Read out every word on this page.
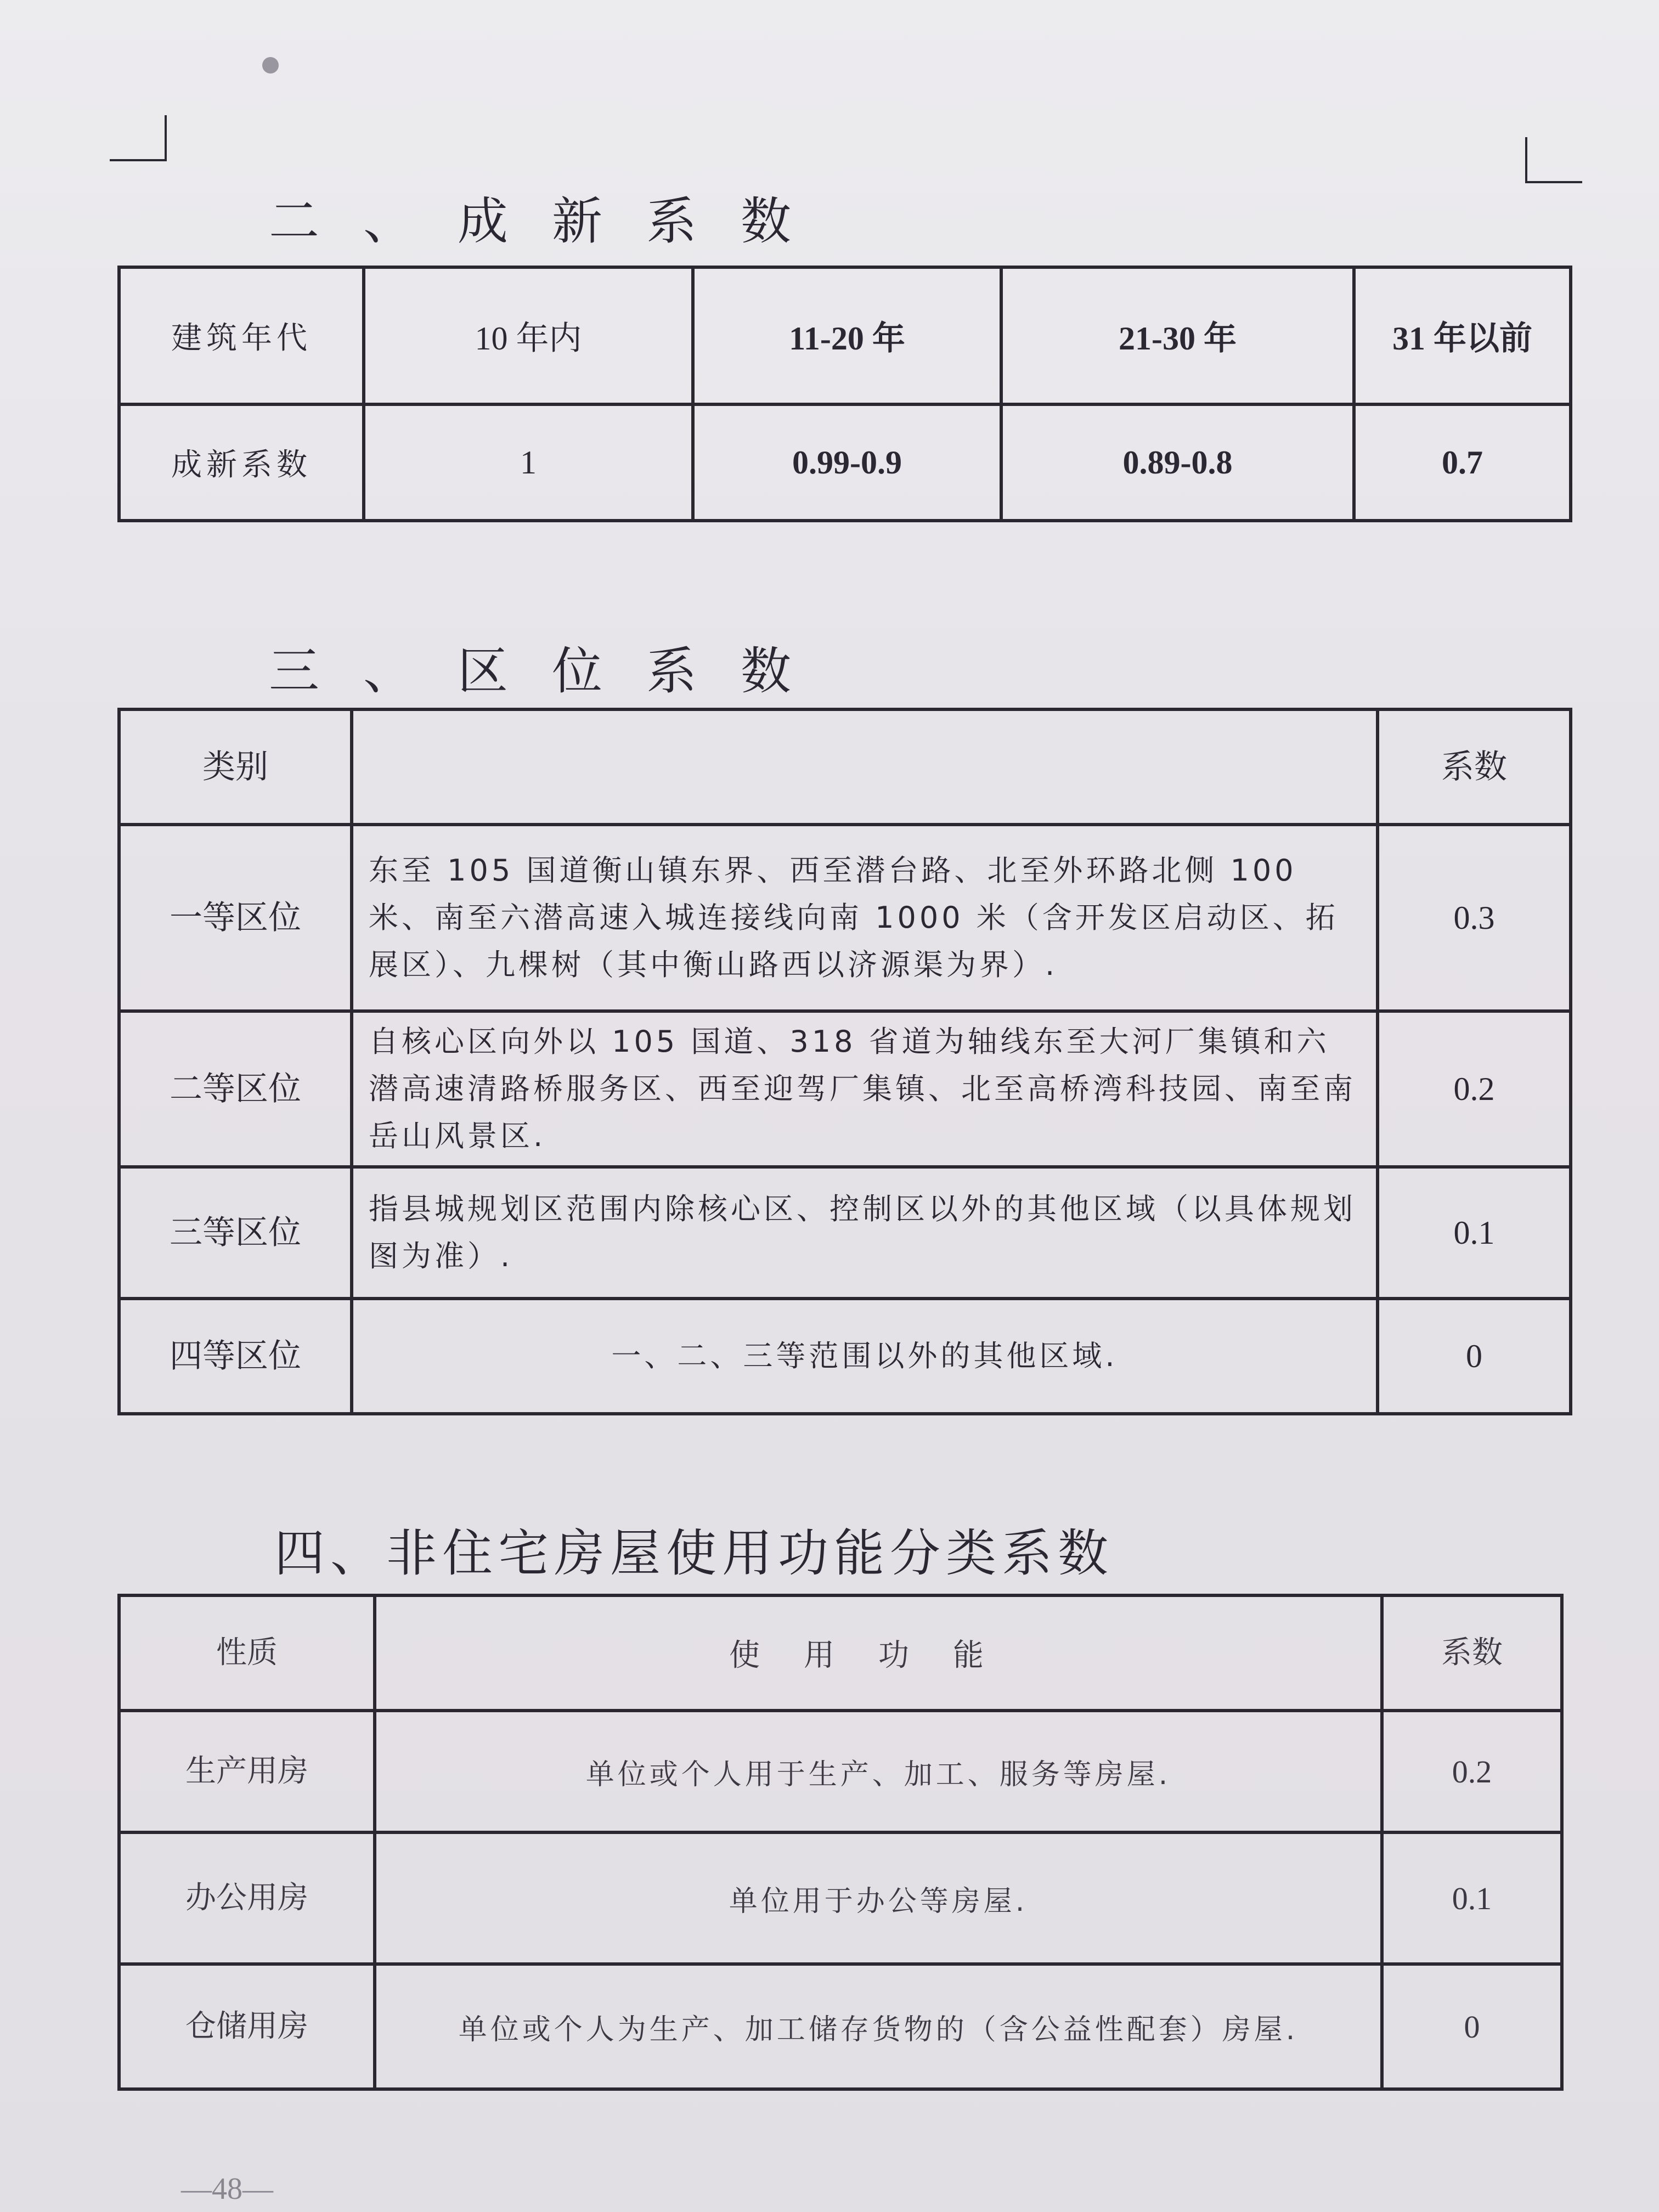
二、成新系数
建筑年代	10 年内	11-20 年	21-30 年	31 年以前
成新系数	1	0.99-0.9	0.89-0.8	0.7
三、区位系数
类别		系数
一等区位	东至 105 国道衡山镇东界、西至潜台路、北至外环路北侧 100 米、南至六潜高速入城连接线向南 1000 米（含开发区启动区、拓展区）、九棵树（其中衡山路西以济源渠为界）.	0.3
二等区位	自核心区向外以 105 国道、318 省道为轴线东至大河厂集镇和六潜高速清路桥服务区、西至迎驾厂集镇、北至高桥湾科技园、南至南岳山风景区.	0.2
三等区位	指县城规划区范围内除核心区、控制区以外的其他区域（以具体规划图为准）.	0.1
四等区位	一、二、三等范围以外的其他区域.	0
四、非住宅房屋使用功能分类系数
性质	使用功能	系数
生产用房	单位或个人用于生产、加工、服务等房屋.	0.2
办公用房	单位用于办公等房屋.	0.1
仓储用房	单位或个人为生产、加工储存货物的（含公益性配套）房屋.	0
—48—
